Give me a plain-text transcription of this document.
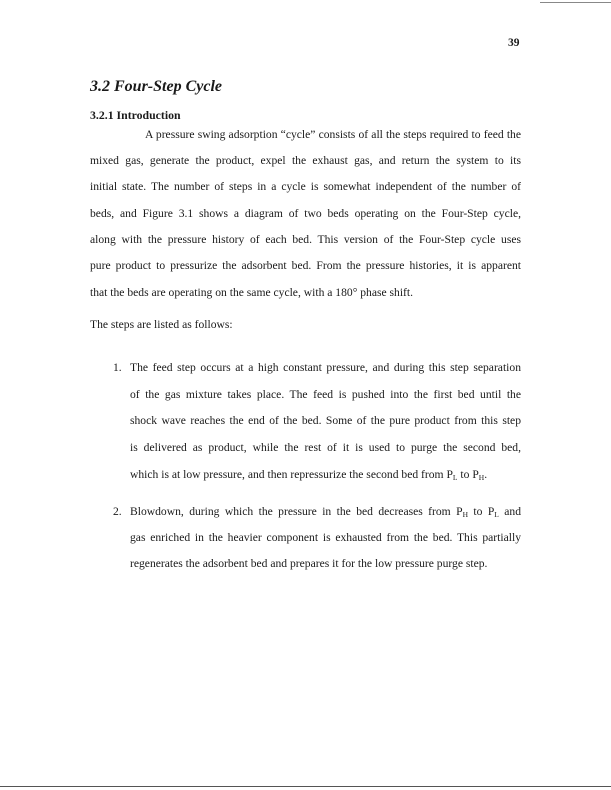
39
3.2 Four-Step Cycle
3.2.1 Introduction
A pressure swing adsorption “cycle” consists of all the steps required to feed the
mixed gas, generate the product, expel the exhaust gas, and return the system to its
initial state. The number of steps in a cycle is somewhat independent of the number of
beds, and Figure 3.1 shows a diagram of two beds operating on the Four-Step cycle,
along with the pressure history of each bed. This version of the Four-Step cycle uses
pure product to pressurize the adsorbent bed. From the pressure histories, it is apparent
that the beds are operating on the same cycle, with a 180° phase shift.
The steps are listed as follows:
1. The feed step occurs at a high constant pressure, and during this step separation
of the gas mixture takes place. The feed is pushed into the first bed until the
shock wave reaches the end of the bed. Some of the pure product from this step
is delivered as product, while the rest of it is used to purge the second bed,
which is at low pressure, and then repressurize the second bed from $P_L$ to $P_H$.
2. Blowdown, during which the pressure in the bed decreases from $P_H$ to $P_L$ and
gas enriched in the heavier component is exhausted from the bed. This partially
regenerates the adsorbent bed and prepares it for the low pressure purge step.
